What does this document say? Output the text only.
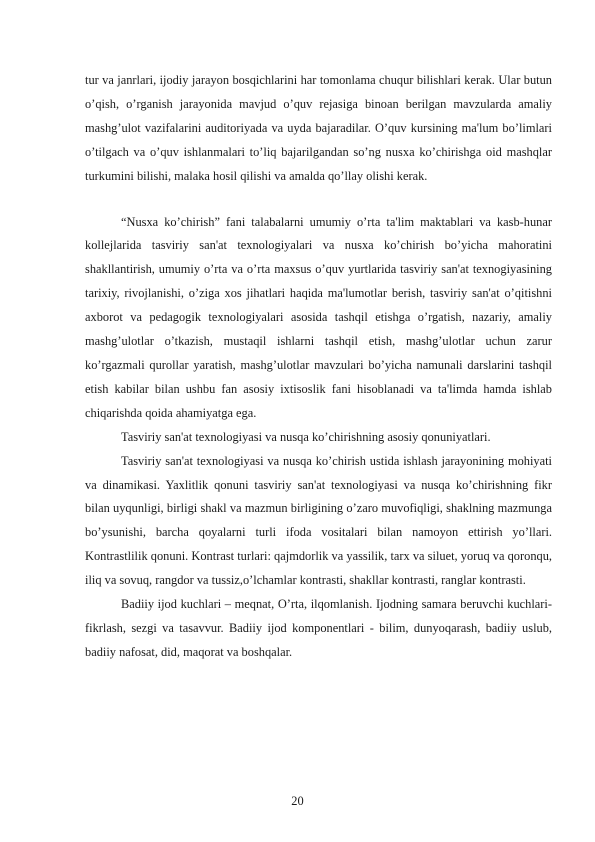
tur va janrlari, ijodiy jarayon bosqichlarini har tomonlama chuqur bilishlari kerak. Ular butun o’qish, o’rganish jarayonida mavjud o’quv rejasiga binoan berilgan mavzularda amaliy mashg’ulot vazifalarini auditoriyada va uyda bajaradilar. O’quv kursining ma'lum bo’limlari o’tilgach va o’quv ishlanmalari to’liq bajarilgandan so’ng nusxa ko’chirishga oid mashqlar turkumini bilishi, malaka hosil qilishi va amalda qo’llay olishi kerak.

“Nusxa ko’chirish” fani talabalarni umumiy o’rta ta'lim maktablari va kasb-hunar kollejlarida tasviriy san'at texnologiyalari va nusxa ko’chirish bo’yicha mahoratini shakllantirish, umumiy o’rta va o’rta maxsus o’quv yurtlarida tasviriy san'at texnogiyasining tarixiy, rivojlanishi, o’ziga xos jihatlari haqida ma'lumotlar berish, tasviriy san'at o’qitishni axborot va pedagogik texnologiyalari asosida tashqil etishga o’rgatish, nazariy, amaliy mashg’ulotlar o’tkazish, mustaqil ishlarni tashqil etish, mashg’ulotlar uchun zarur ko’rgazmali qurollar yaratish, mashg’ulotlar mavzulari bo’yicha namunali darslarini tashqil etish kabilar bilan ushbu fan asosiy ixtisoslik fani hisoblanadi va ta'limda hamda ishlab chiqarishda qoida ahamiyatga ega.

Tasviriy san'at texnologiyasi va nusqa ko’chirishning asosiy qonuniyatlari.

Tasviriy san'at texnologiyasi va nusqa ko’chirish ustida ishlash jarayonining mohiyati va dinamikasi. Yaxlitlik qonuni tasviriy san'at texnologiyasi va nusqa ko’chirishning fikr bilan uyqunligi, birligi shakl va mazmun birligining o’zaro muvofiqligi, shaklning mazmunga bo’ysunishi, barcha qoyalarni turli ifoda vositalari bilan namoyon ettirish yo’llari. Kontrastlilik qonuni. Kontrast turlari: qajmdorlik va yassilik, tarx va siluet, yoruq va qoronqu, iliq va sovuq, rangdor va tussiz,o’lchamlar kontrasti, shakllar kontrasti, ranglar kontrasti.

Badiiy ijod kuchlari – meqnat, O’rta, ilqomlanish. Ijodning samara beruvchi kuchlari- fikrlash, sezgi va tasavvur. Badiiy ijod komponentlari - bilim, dunyoqarash, badiiy uslub, badiiy nafosat, did, maqorat va boshqalar.

20
